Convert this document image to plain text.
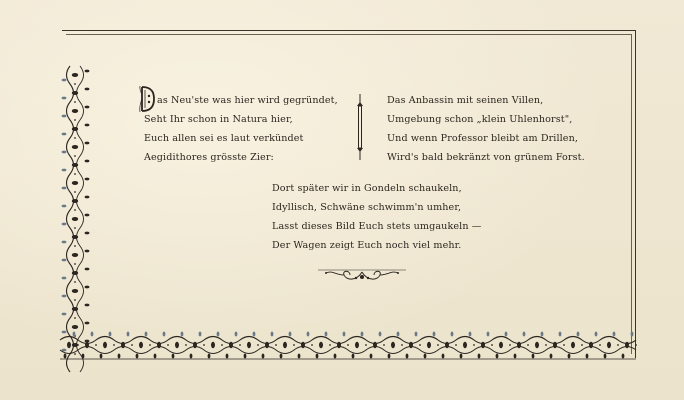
as Neu'ste was hier wird gegründet,
Seht Ihr schon in Natura hier,
Euch allen sei es laut verkündet
Aegidithores grösste Zier:
Das Anbassin mit seinen Villen,
Umgebung schon „klein Uhlenhorst",
Und wenn Professor bleibt am Drillen,
Wird's bald bekränzt von grünem Forst.
Dort später wir in Gondeln schaukeln,
Idyllisch, Schwäne schwimm'n umher,
Lasst dieses Bild Euch stets umgaukeln —
Der Wagen zeigt Euch noch viel mehr.
